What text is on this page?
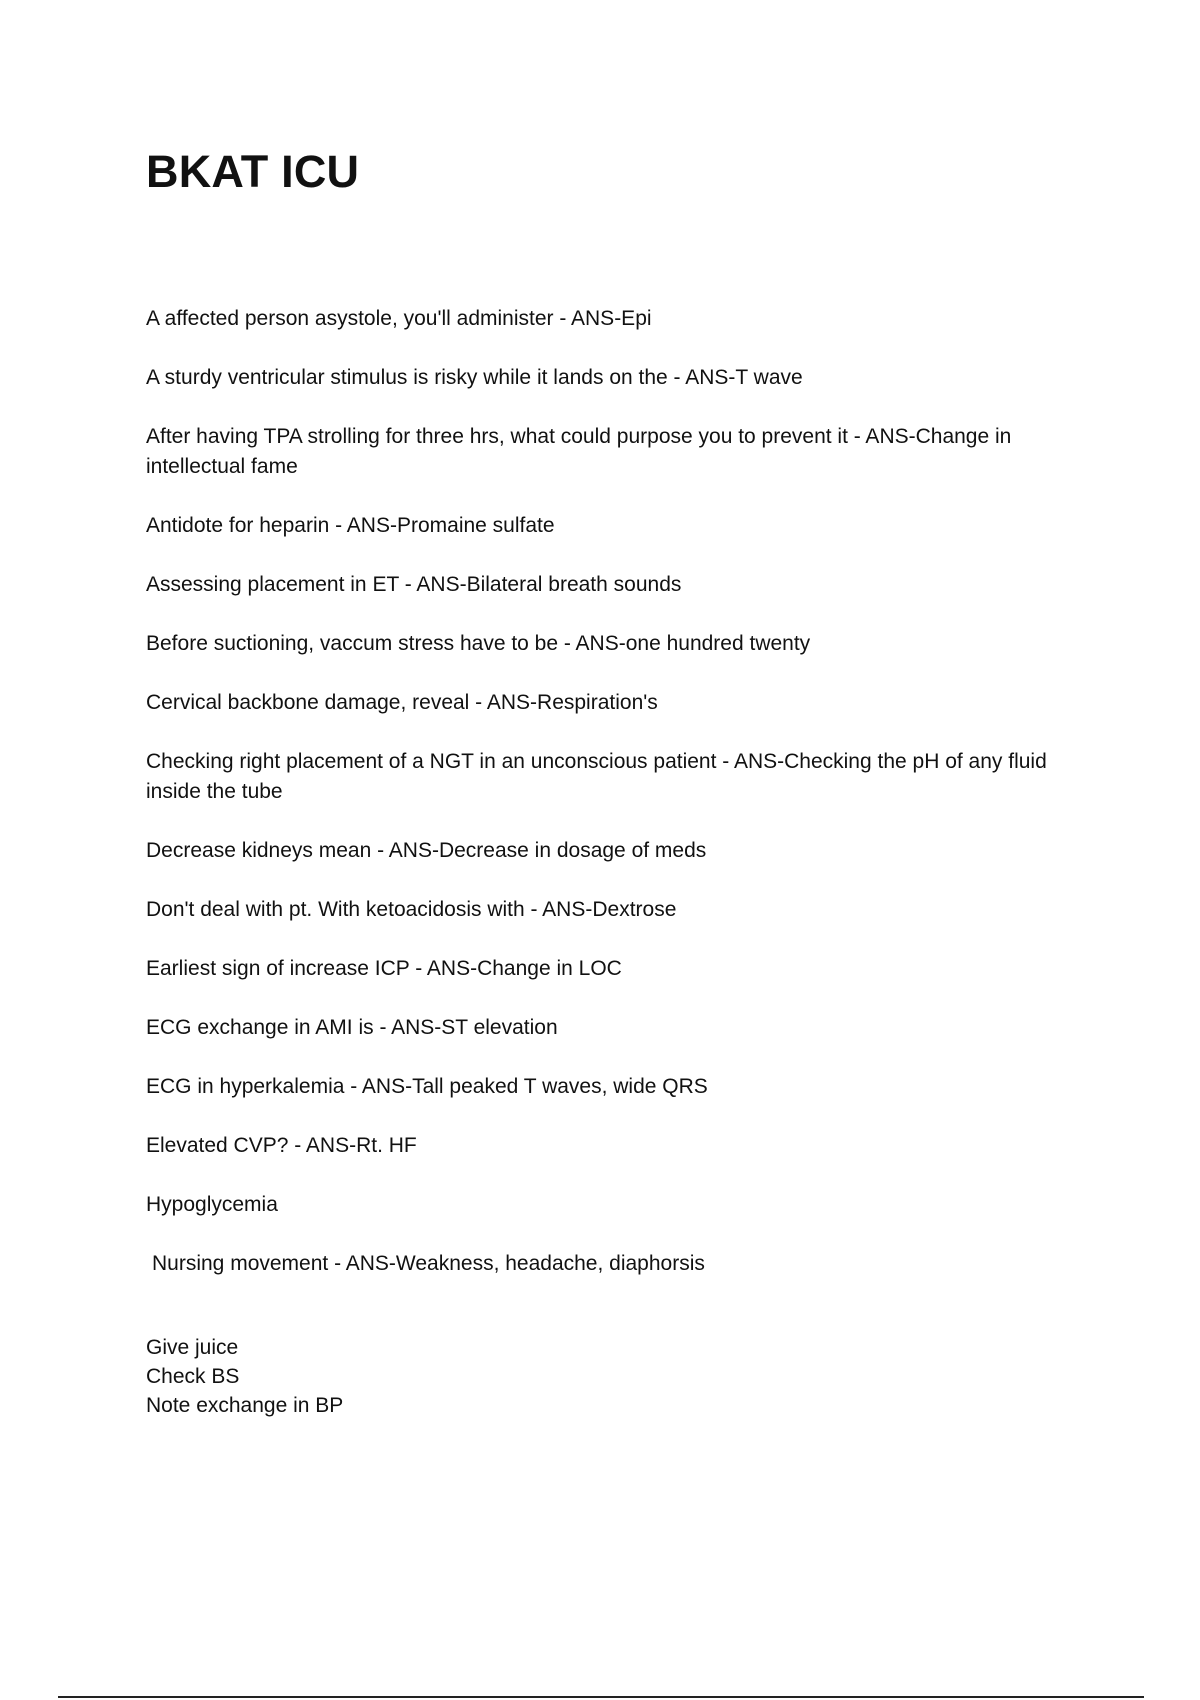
BKAT ICU
A affected person asystole, you'll administer - ANS-Epi
A sturdy ventricular stimulus is risky while it lands on the - ANS-T wave
After having TPA strolling for three hrs, what could purpose you to prevent it - ANS-Change in intellectual fame
Antidote for heparin - ANS-Promaine sulfate
Assessing placement in ET - ANS-Bilateral breath sounds
Before suctioning, vaccum stress have to be - ANS-one hundred twenty
Cervical backbone damage, reveal - ANS-Respiration's
Checking right placement of a NGT in an unconscious patient - ANS-Checking the pH of any fluid inside the tube
Decrease kidneys mean - ANS-Decrease in dosage of meds
Don't deal with pt. With ketoacidosis with - ANS-Dextrose
Earliest sign of increase ICP - ANS-Change in LOC
ECG exchange in AMI is - ANS-ST elevation
ECG in hyperkalemia - ANS-Tall peaked T waves, wide QRS
Elevated CVP? - ANS-Rt. HF
Hypoglycemia
Nursing movement - ANS-Weakness, headache, diaphorsis
Give juice
Check BS
Note exchange in BP
